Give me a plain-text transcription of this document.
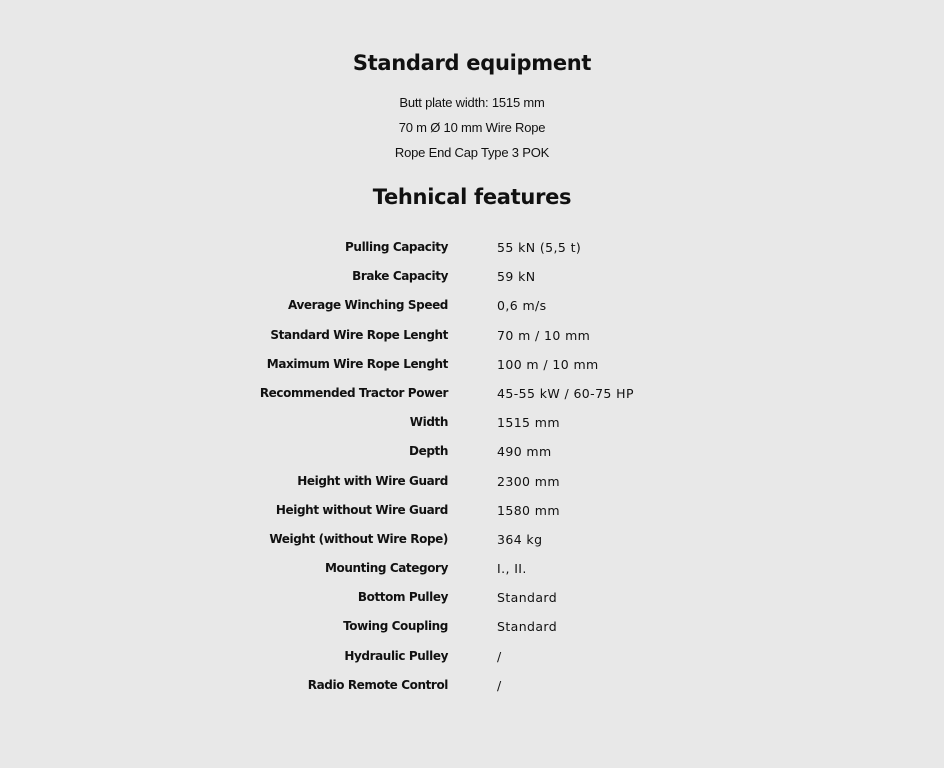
Standard equipment
Butt plate width: 1515 mm
70 m Ø 10 mm Wire Rope
Rope End Cap Type 3 POK
Tehnical features
Pulling Capacity	55 kN (5,5 t)
Brake Capacity	59 kN
Average Winching Speed	0,6 m/s
Standard Wire Rope Lenght	70 m / 10 mm
Maximum Wire Rope Lenght	100 m / 10 mm
Recommended Tractor Power	45-55 kW / 60-75 HP
Width	1515 mm
Depth	490 mm
Height with Wire Guard	2300 mm
Height without Wire Guard	1580 mm
Weight (without Wire Rope)	364 kg
Mounting Category	I., II.
Bottom Pulley	Standard
Towing Coupling	Standard
Hydraulic Pulley	/
Radio Remote Control	/
